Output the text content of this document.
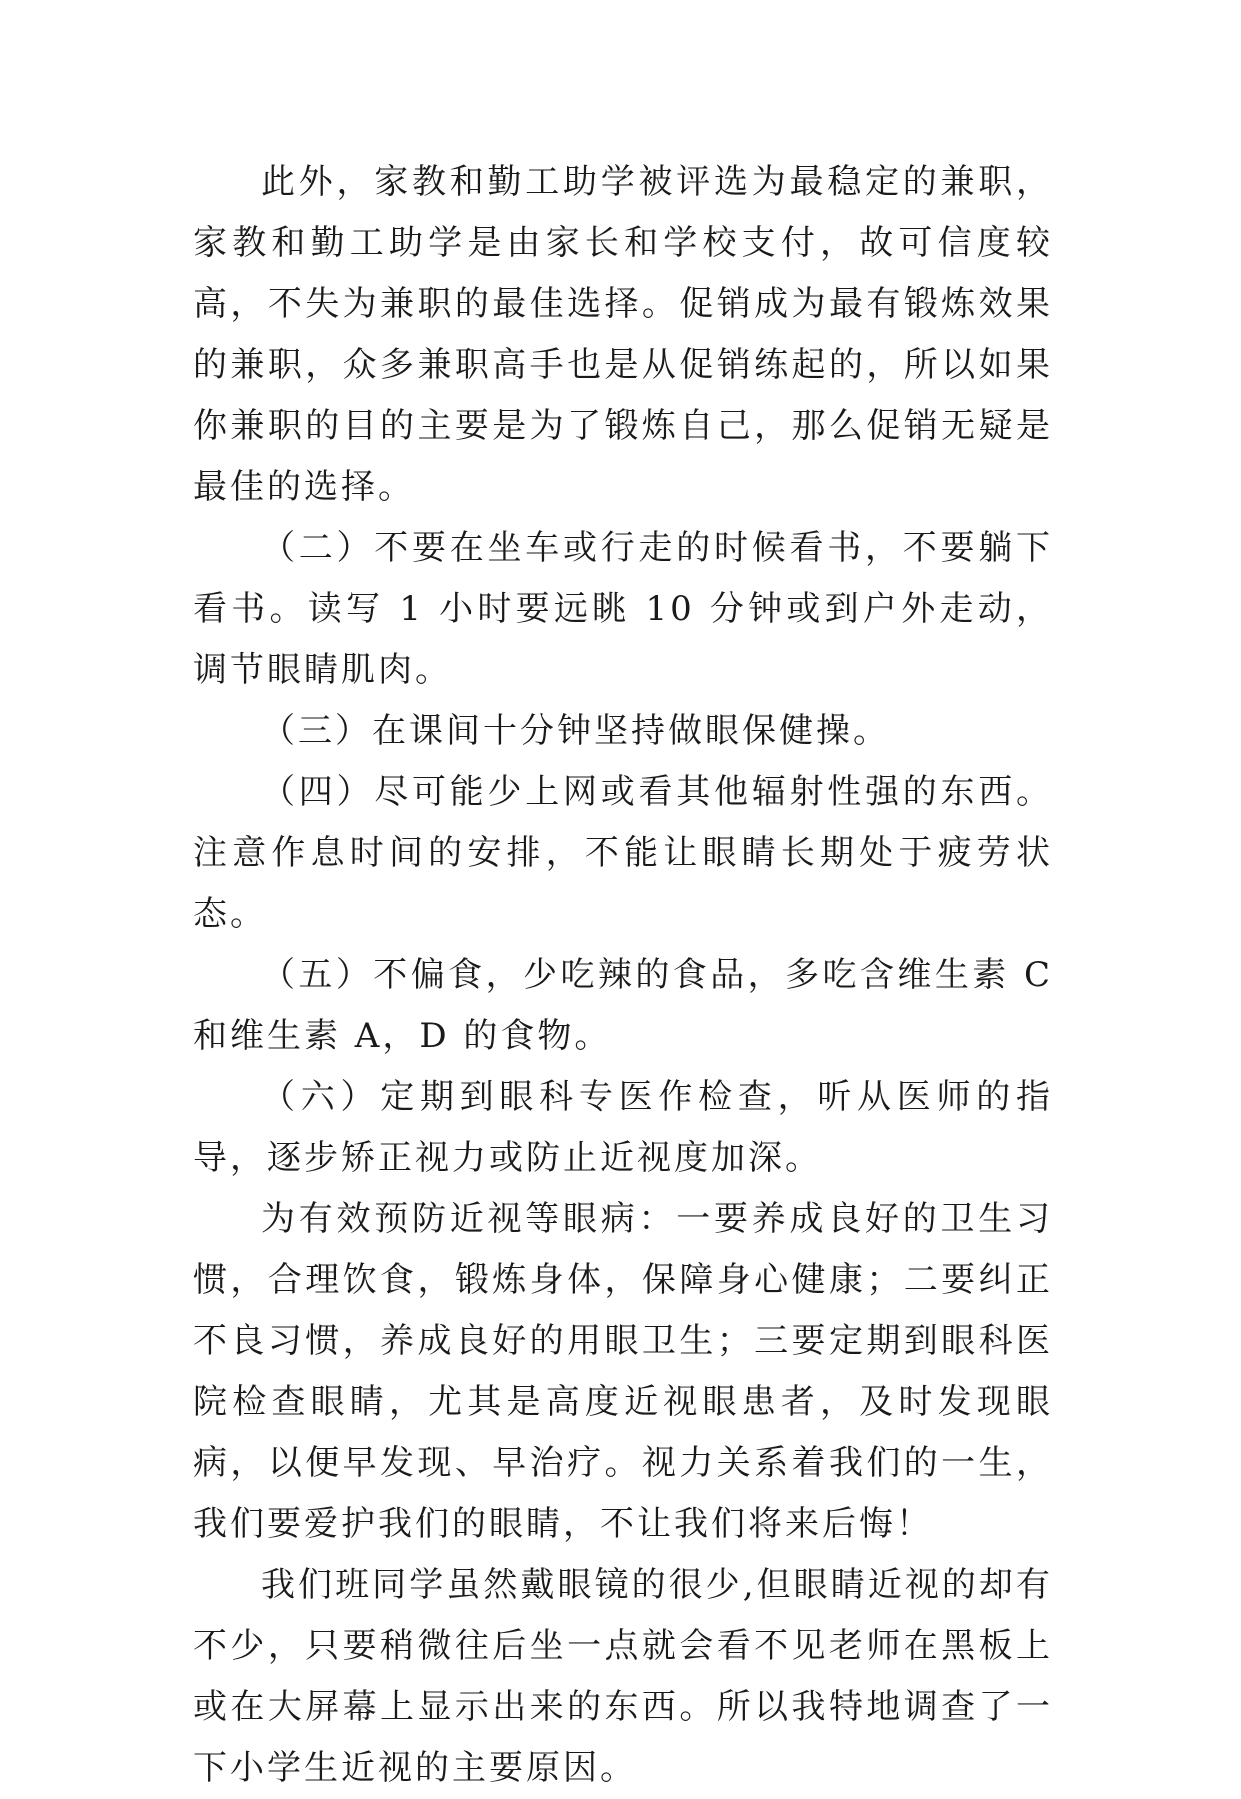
此外，家教和勤工助学被评选为最稳定的兼职，家教和勤工助学是由家长和学校支付，故可信度较高，不失为兼职的最佳选择。促销成为最有锻炼效果的兼职，众多兼职高手也是从促销练起的，所以如果你兼职的目的主要是为了锻炼自己，那么促销无疑是最佳的选择。

（二）不要在坐车或行走的时候看书，不要躺下看书。读写 1 小时要远眺 10 分钟或到户外走动，调节眼睛肌肉。

（三）在课间十分钟坚持做眼保健操。

（四）尽可能少上网或看其他辐射性强的东西。注意作息时间的安排，不能让眼睛长期处于疲劳状态。

（五）不偏食，少吃辣的食品，多吃含维生素 C 和维生素 A，D 的食物。

（六）定期到眼科专医作检查，听从医师的指导，逐步矫正视力或防止近视度加深。

为有效预防近视等眼病：一要养成良好的卫生习惯，合理饮食，锻炼身体，保障身心健康；二要纠正不良习惯，养成良好的用眼卫生；三要定期到眼科医院检查眼睛，尤其是高度近视眼患者，及时发现眼病，以便早发现、早治疗。视力关系着我们的一生，我们要爱护我们的眼睛，不让我们将来后悔！

我们班同学虽然戴眼镜的很少,但眼睛近视的却有不少，只要稍微往后坐一点就会看不见老师在黑板上或在大屏幕上显示出来的东西。所以我特地调查了一下小学生近视的主要原因。
